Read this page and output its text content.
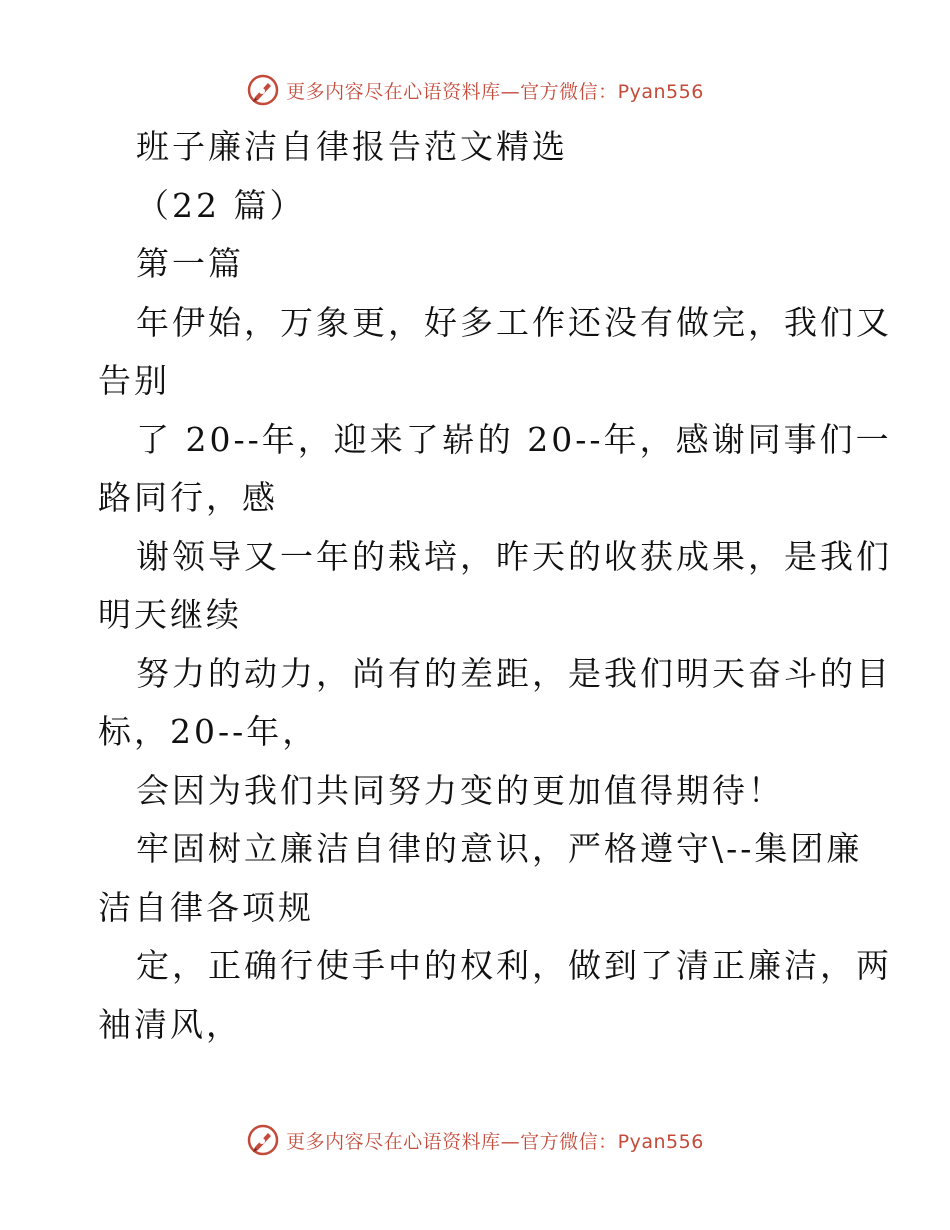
更多内容尽在心语资料库—官方微信：Pyan556
班子廉洁自律报告范文精选
（22 篇）
第一篇
年伊始，万象更，好多工作还没有做完，我们又
告别
了 20--年，迎来了崭的 20--年，感谢同事们一
路同行，感
谢领导又一年的栽培，昨天的收获成果，是我们
明天继续
努力的动力，尚有的差距，是我们明天奋斗的目
标，20--年，
会因为我们共同努力变的更加值得期待！
牢固树立廉洁自律的意识，严格遵守\--集团廉
洁自律各项规
定，正确行使手中的权利，做到了清正廉洁，两
袖清风，
更多内容尽在心语资料库—官方微信：Pyan556
